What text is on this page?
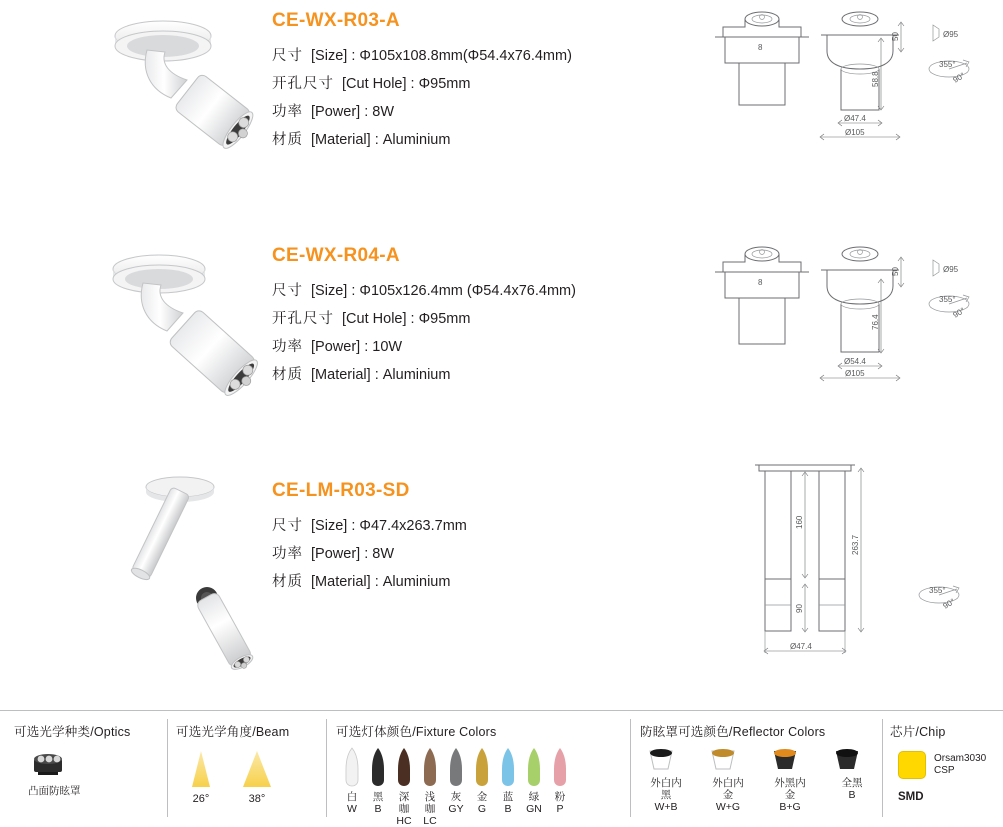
CE-WX-R03-A
尺寸 [Size] : Φ105x108.8mm(Φ54.4x76.4mm)
开孔尺寸 [Cut Hole] : Φ95mm
功率 [Power] : 8W
材质 [Material] : Aluminium
8
50
58.8
Ø47.4
Ø105
Ø95
355°
90°
CE-WX-R04-A
尺寸 [Size] : Φ105x126.4mm (Φ54.4x76.4mm)
开孔尺寸 [Cut Hole] : Φ95mm
功率 [Power] : 10W
材质 [Material] : Aluminium
8
50
76.4
Ø54.4
Ø105
Ø95
355°
90°
CE-LM-R03-SD
尺寸 [Size] : Φ47.4x263.7mm
功率 [Power] : 8W
材质 [Material] : Aluminium
160
263.7
90
Ø47.4
355°
90°
可选光学种类/Optics
凸面防眩罩
可选光学角度/Beam
26°	38°
可选灯体颜色/Fixture Colors
白
W
黑
B
深咖
HC
浅咖
LC
灰
GY
金
G
蓝
B
绿
GN
粉
P
防眩罩可选颜色/Reflector Colors
外白内黑
W+B
外白内金
W+G
外黑内金
B+G
全黑
B
芯片/Chip
Orsam3030
CSP
SMD
